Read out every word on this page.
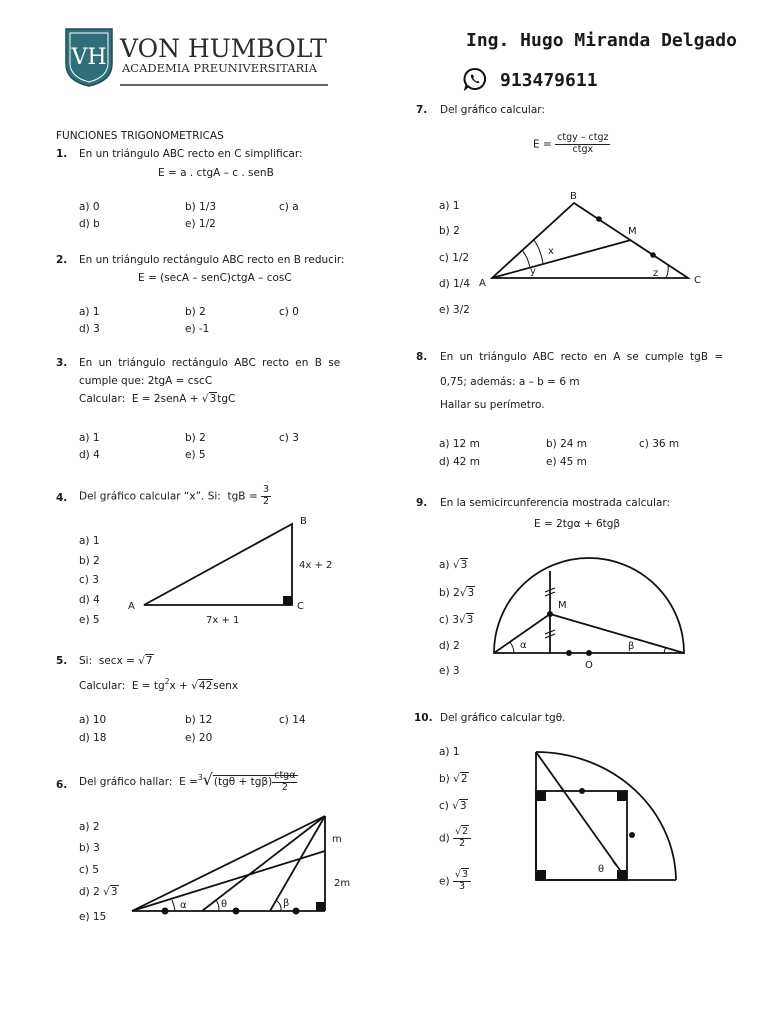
VH VON HUMBOLT
ACADEMIA PREUNIVERSITARIA
Ing. Hugo Miranda Delgado
913479611
FUNCIONES TRIGONOMETRICAS
1. En un triángulo ABC recto en C simplificar:
E = a . ctgA – c . senB
a) 0	b) 1/3	c) a
d) b	e) 1/2
2. En un triángulo rectángulo ABC recto en B reducir:
E = (secA – senC)ctgA – cosC
a) 1	b) 2	c) 0
d) 3	e) -1
3. En un triángulo rectángulo ABC recto en B se
cumple que: 2tgA = cscC
Calcular: E = 2senA + √3tgC
a) 1	b) 2	c) 3
d) 4	e) 5
4. Del gráfico calcular “x”. Si: tgB = $\frac{3}{2}$
a) 1
b) 2
c) 3
d) 4
e) 5
A	C
B
4x + 2
7x + 1
5. Si: secx = √7
Calcular: $E = tg^2x$ + √42senx
a) 10	b) 12	c) 14
d) 18	e) 20
6. Del gráfico hallar: $E =^3√(tg\theta + tg\beta) \frac{\text{ctgα}}{2}$
a) 2
b) 3
c) 5
d) 2 √3
e) 15
α	θ	β
m
2m
7. Del gráfico calcular:
$E = \frac{\text{ctgy – ctgz}}{\text{ctgx}}$
a) 1
b) 2
c) 1/2
d) 1/4
e) 3/2
A
B
C
M
x
y	z
8. En un triángulo ABC recto en A se cumple tgB =
0,75; además: a – b = 6 m
Hallar su perímetro.
a) 12 m	b) 24 m	c) 36 m
d) 42 m	e) 45 m
9. En la semicircunferencia mostrada calcular:
E = 2tgα + 6tgβ
a) √3
b) 2√3
c) 3√3
d) 2
e) 3
M
O
α	β
10. Del gráfico calcular tgθ.
a) 1
b) √2
c) √3
$d) \frac{√2}{2}$
$e) \frac{√3}{3}$
θ
